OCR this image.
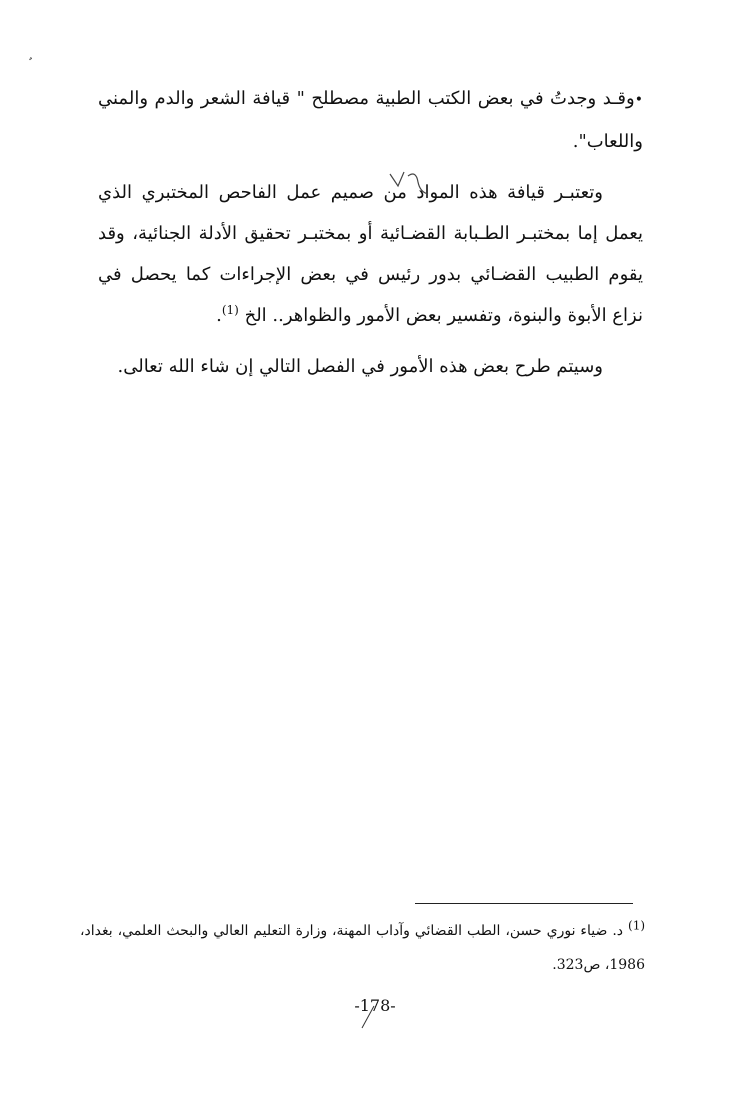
•وقـد وجدتُ في بعض الكتب الطبية مصطلح " قيافة الشعر والدم والمني واللعاب".

وتعتبـر قيافة هذه المواد من صميم عمل الفاحص المختبري الذي يعمل إما بمختبـر الطـبابة القضـائية أو بمختبـر تحقيق الأدلة الجنائية، وقد يقوم الطبيب القضـائي بدور رئيس في بعض الإجراءات كما يحصل في نزاع الأبوة والبنوة، وتفسير بعض الأمور والظواهر.. الخ $^{(1)}$.

وسيتم طرح بعض هذه الأمور في الفصل التالي إن شاء الله تعالى.

(1) د. ضياء نوري حسن، الطب القضائي وآداب المهنة، وزارة التعليم العالي والبحث العلمي، بغداد، 1986، ص323.

-178-
